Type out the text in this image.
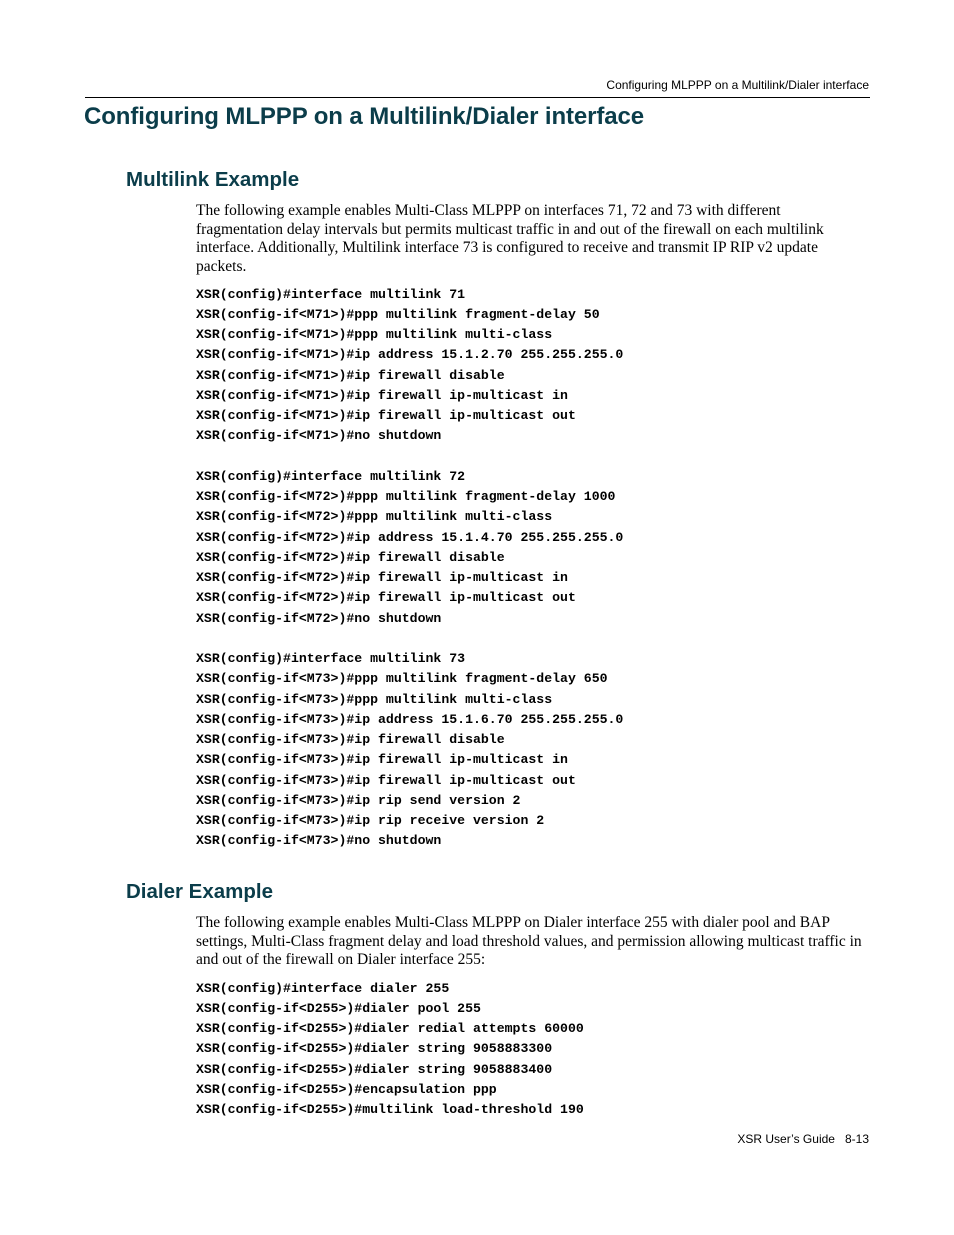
Configuring MLPPP on a Multilink/Dialer interface
Configuring MLPPP on a Multilink/Dialer interface
Multilink Example

The following example enables Multi-Class MLPPP on interfaces 71, 72 and 73 with different fragmentation delay intervals but permits multicast traffic in and out of the firewall on each multilink interface. Additionally, Multilink interface 73 is configured to receive and transmit IP RIP v2 update packets.

XSR(config)#interface multilink 71
XSR(config-if<M71>)#ppp multilink fragment-delay 50
XSR(config-if<M71>)#ppp multilink multi-class
XSR(config-if<M71>)#ip address 15.1.2.70 255.255.255.0
XSR(config-if<M71>)#ip firewall disable
XSR(config-if<M71>)#ip firewall ip-multicast in
XSR(config-if<M71>)#ip firewall ip-multicast out
XSR(config-if<M71>)#no shutdown
XSR(config)#interface multilink 72
XSR(config-if<M72>)#ppp multilink fragment-delay 1000
XSR(config-if<M72>)#ppp multilink multi-class
XSR(config-if<M72>)#ip address 15.1.4.70 255.255.255.0
XSR(config-if<M72>)#ip firewall disable
XSR(config-if<M72>)#ip firewall ip-multicast in
XSR(config-if<M72>)#ip firewall ip-multicast out
XSR(config-if<M72>)#no shutdown
XSR(config)#interface multilink 73
XSR(config-if<M73>)#ppp multilink fragment-delay 650
XSR(config-if<M73>)#ppp multilink multi-class
XSR(config-if<M73>)#ip address 15.1.6.70 255.255.255.0
XSR(config-if<M73>)#ip firewall disable
XSR(config-if<M73>)#ip firewall ip-multicast in
XSR(config-if<M73>)#ip firewall ip-multicast out
XSR(config-if<M73>)#ip rip send version 2
XSR(config-if<M73>)#ip rip receive version 2
XSR(config-if<M73>)#no shutdown
Dialer Example

The following example enables Multi-Class MLPPP on Dialer interface 255 with dialer pool and BAP settings, Multi-Class fragment delay and load threshold values, and permission allowing multicast traffic in and out of the firewall on Dialer interface 255:

XSR(config)#interface dialer 255
XSR(config-if<D255>)#dialer pool 255
XSR(config-if<D255>)#dialer redial attempts 60000
XSR(config-if<D255>)#dialer string 9058883300
XSR(config-if<D255>)#dialer string 9058883400
XSR(config-if<D255>)#encapsulation ppp
XSR(config-if<D255>)#multilink load-threshold 190
XSR User’s Guide 8-13
